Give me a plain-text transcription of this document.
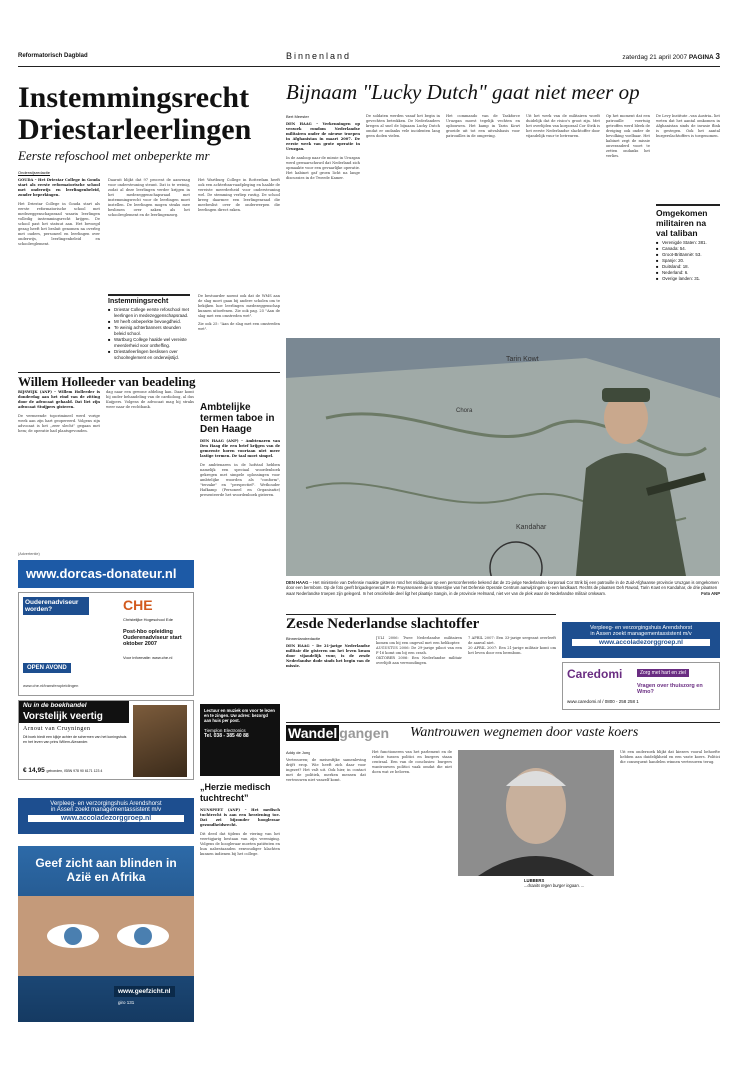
Reformatorisch Dagblad	Binnenland	zaterdag 21 april 2007 PAGINA 3
Instemmingsrecht
Driestarleerlingen
Eerste refoschool met onbeperkte mr
Onderwijsredactie

GOUDA – Het Driestar College in Gouda start als eerste reformatorische school met onderwijs en leerlingenbeleid, zonder beperkingen.

Het Driestar College in Gouda start als eerste reformatorische school met medezeggenschapsraad waarin leerlingen volledig instemmingsrecht krijgen. De school past het statuut aan. Het bevoegd gezag heeft het besluit genomen na overleg met ouders, personeel en leerlingen over onderwijs, leerlingenbeleid en schoolreglement.

Daaruit blijkt dat 97 procent de aanvraag voor ondersteuning steunt. Dat is te weinig, zodat al deze leerlingen verder krijgen in het medezeggenschapsraad met instemmingsrecht voor de leerlingen moet instellen. De leerlingen mogen straks mee beslissen over zaken als het schoolreglement en de leerlingenzorg.

Het Wartburg College in Rotterdam heeft ook een achterban-raadpleging en haalde de vereiste meerderheid voor ondersteuning wel. De stemming verliep rustig. De school kreeg daarmee een leerlingenraad die meebeslist over de onderwerpen die leerlingen direct raken.

Instemmingsrecht
■ Driestar College eerste refoschool met leerlingen in medezeggenschapsraad.
■ Mr heeft onbeperkte bevoegdheid.
■ Te weinig achterbanners steunden beleid school.
■ Wartburg College haalde wel vereiste meerderheid voor ontheffing.
■ Driestarleerlingen beslissen over schoolreglement en onderwijstijd.

De bestuurder noemt ook dat de WMS aan de slag moet gaan bij andere scholen om te bekijken hoe leerlingen medezeggenschap kunnen uitoefenen. Zie ook pag. 25 "Aan de slag met een omstreden wet".

Zie ook 25: "Aan de slag met een omstreden wet".

Bijnaam "Lucky Dutch" gaat niet meer op
Bert Meester

DEN HAAG – Verkenningen op verzoek rondom Nederlandse militairen onder de nieuwe troepen in Afghanistan in maart 2007. De eerste week van grote operatie in Uruzgan.

In de aanloop naar de missie in Uruzgan werd gewaarschuwd dat Nederland zich opmaakte voor een gevaarlijke operatie. Het kabinet gaf groen licht na lange discussies in de Tweede Kamer.

De soldaten werden vanaf het begin in gevechten betrokken. De Nederlanders kregen al snel de bijnaam Lucky Dutch omdat er ondanks vele incidenten lang geen doden vielen.

Het commando van de Taskforce Uruzgan moest tegelijk vechten en opbouwen. Het kamp in Tarin Kowt groeide uit tot een uitvalsbasis voor patrouilles in de omgeving.

Uit het werk van de militairen wordt duidelijk dat de risico's groot zijn. Met het overlijden van korporaal Cor Strik is het eerste Nederlandse slachtoffer door vijandelijk vuur te betreuren.

Op het moment dat een patrouille voertuig getroffen werd bleek de dreiging ook onder de bevolking voelbaar. Het kabinet zegt de missie onveranderd voort te zetten ondanks het verlies.

De Levy Institute –van Austria– liet weten dat het aantal omkomen in Afghanistan sinds de invasie flink is gestegen. Ook het aantal burgerslachtoffers is toegenomen.

Omgekomen militairen na val taliban
■ Verenigde Staten: 381.
■ Canada: 54.
■ Groot-Brittannië: 53.
■ Spanje: 20.
■ Duitsland: 18.
■ Nederland: 6.
■ Overige landen: 31.
Tarin Kowt
Kandahar
Chora
DEN HAAG – Het ministerie van Defensie maakte gisteren rond het middaguur op een persconferentie bekend dat de 21-jarige Nederlandse korporaal Cor Strik bij een patrouille in de Zuid-Afghaanse provincie Uruzgan is omgekomen door een bermbom. Op de foto geeft brigadegeneraal P. de Pruyssenaere de la Woestijne van het Defensie Operatie Centrum aanwijzingen op een landkaart. Rechts de plaatsen Deh Rawod, Tarin Kowt en Kandahar, de drie plaatsen waar Nederlandse troepen zijn gelegerd. In het omcirkelde deel ligt het plaatsje Sangin, in de provincie Helmand, niet ver van de plek waar de Nederlandse militair omkwam.	Foto ANP
Willem Holleeder van beadeling

RIJSWIJK (ANP) – Willem Holleeder is donderdag aan het eind van de zitting door de advocaat gehaald. Dat liet zijn advocaat Stuijpers gisteren.

De vermeende topcrimineel werd vorige week aan zijn hart geopereerd. Volgens zijn advocaat is het „zeer slecht” gegaan met hem; de operatie had plaatsgevonden.

dag naar een gewone afdeling kan. Daar komt hij onder behandeling van de cardioloog, al dus Kuijpers. Volgens de advocaat mag hij straks weer naar de rechtbank.	Ambtelijke termen taboe in Den Haage

DEN HAAG (ANP) – Ambtenaren van Den Haag die een brief krijgen van de gemeente horen voortaan niet meer lastige termen. De taal moet simpel.

De ambtenaren in de hofstad hebben namelijk een speciaal woordenboek gekregen met simpele oplossingen voor ambtelijke woorden als "conform", "terzake" en "perspectief". Wethouder Hafkamp (Personeel en Organisatie) presenteerde het woordenboek gisteren.

(Advertentie)
www.dorcas-donateur.nl
Ouderenadviseur worden?	CHE
Christelijke Hogeschool Ede
Post-hbo opleiding Ouderenadviseur start oktober 2007
Voor informatie: www.che.nl
OPEN AVOND
www.che.nl/transferopleidingen
Nu in de boekhandel
Vorstelijk veertig
Arnout van Cruyningen
Dit boek biedt een kijkje achter de schermen van het koningshuis en het leven van prins Willem-Alexander.
€ 14,95 gebonden, ISBN 978 90 6171 123 4
Lectuur en muziek om voor te lezen en te zingen. Uw adres: bezorgd aan huis per post.
Tiemplon Electronics
Tel. 038 - 385 40 88
„Herzie medisch tuchtrecht”

NUNSPEET (ANP) – Het medisch tuchtrecht is aan een herziening toe. Dat zei bijzonder hoogleraar gezondheidsrecht.

Dit deed dat tijdens de viering van het veertigjarig bestaan van zijn vereniging. Volgens de hoogleraar moeten patiënten en hun nabestaanden eenvoudiger klachten kunnen indienen bij het college.

Verpleeg- en verzorgingshuis Arendshorst
in Assen zoekt managementassistent m/v
www.accoladezorggroep.nl
Geef zicht aan blinden in Azië en Afrika
www.geefzicht.nl
giro 131
Zesde Nederlandse slachtoffer
Binnenlandredactie

DEN HAAG – De 21-jarige Nederlandse militair die gisteren om het leven kwam door vijandelijk vuur, is de zesde Nederlandse dode sinds het begin van de missie.

JULI 2006: Twee Nederlandse militairen komen om bij een ongeval met een helikopter.

AUGUSTUS 2006: De 29-jarige piloot van een F-16 komt om bij een crash.

OKTOBER 2006: Een Nederlandse militair overlijdt aan verwondingen.

7 APRIL 2007: Een 33-jarige sergeant overleeft de aanval niet.

20 APRIL 2007: Een 21-jarige militair komt om het leven door een bermbom.

Verpleeg- en verzorgingshuis Arendshorst
in Assen zoekt managementassistent m/v
www.accoladezorggroep.nl
Caredomi	Zorg met hart en ziel
Vragen over thuiszorg en Wmo?
www.caredomi.nl / 0800 - 258 258 1
Wandel gangen Wantrouwen wegnemen door vaste koers
Addy de Jong

Vertrouwen; de meisesfijke samenleving drijft erop. Wie heeft zich daar voor ingezet? Het valt uit. Ook hier, in contact met de politiek, merken mensen dat vertrouwen niet vanzelf komt.

Het functioneren van het parlement en de relatie tussen politici en burgers staan centraal. Een van de conclusies: burgers wantrouwen politici vaak omdat die niet doen wat ze beloven.

LUBBERS
...draaits tegen burger ingaan. ...

Uit een onderzoek blijkt dat kiezers vooral behoefte hebben aan duidelijkheid en een vaste koers. Politici die consequent handelen winnen vertrouwen terug.
